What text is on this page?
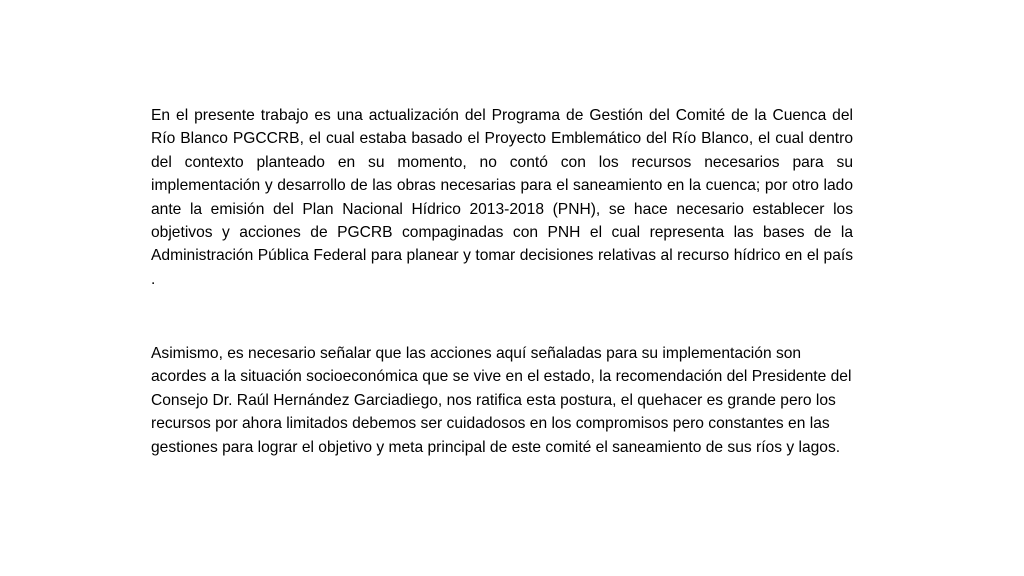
En el presente trabajo es una actualización del Programa de Gestión del Comité de la Cuenca del Río Blanco PGCCRB, el cual estaba basado el Proyecto Emblemático del Río Blanco, el cual dentro del contexto planteado en su momento, no contó con los recursos necesarios para su implementación y desarrollo de las obras necesarias para el saneamiento en la cuenca; por otro lado ante la emisión del Plan Nacional Hídrico 2013-2018 (PNH), se hace necesario establecer los objetivos y acciones de PGCRB compaginadas con PNH el cual representa las bases de la Administración Pública Federal para planear y tomar decisiones relativas al recurso hídrico en el país .

Asimismo, es necesario señalar que las acciones aquí señaladas para su implementación son acordes a la situación socioeconómica que se vive en el estado, la recomendación del Presidente del Consejo Dr. Raúl Hernández Garciadiego, nos ratifica esta postura, el quehacer es grande pero los recursos por ahora limitados debemos ser cuidadosos en los compromisos pero constantes en las gestiones para lograr el objetivo y meta principal de este comité el saneamiento de sus ríos y lagos.
